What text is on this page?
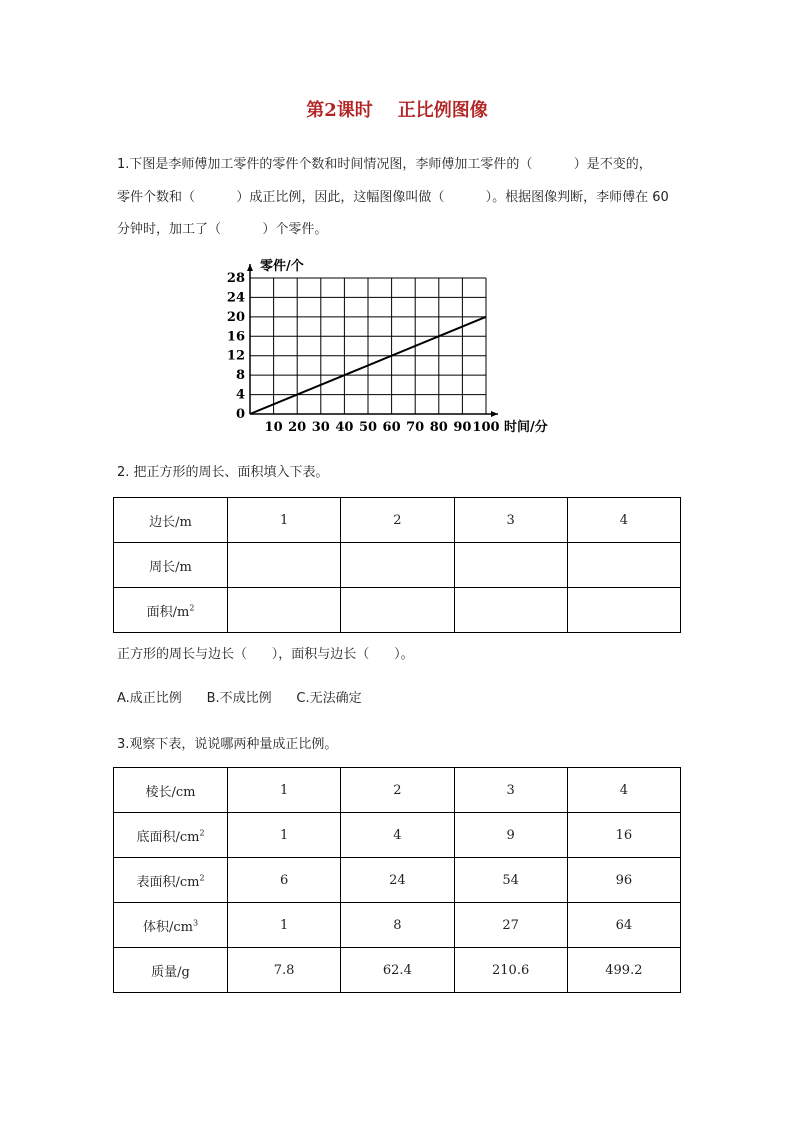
第2课时    正比例图像
1.下图是李师傅加工零件的零件个数和时间情况图，李师傅加工零件的（          ）是不变的，
零件个数和（          ）成正比例，因此，这幅图像叫做（          ）。根据图像判断，李师傅在 60
分钟时，加工了（          ）个零件。
0
4
8
12
16
20
24
28
10 20 30 40 50 60 70 80 90 100
零件/个
时间/分
2. 把正方形的周长、面积填入下表。
边长/m	1	2	3	4
周长/m				
面积$/m^2$				
正方形的周长与边长（      ），面积与边长（      ）。
A.成正比例      B.不成比例      C.无法确定
3.观察下表，说说哪两种量成正比例。
棱长/cm	1	2	3	4
底面积$/cm^2$	1	4	9	16
表面积$/cm^2$	6	24	54	96
体积$/cm^3$	1	8	27	64
质量/g	7.8	62.4	210.6	499.2
